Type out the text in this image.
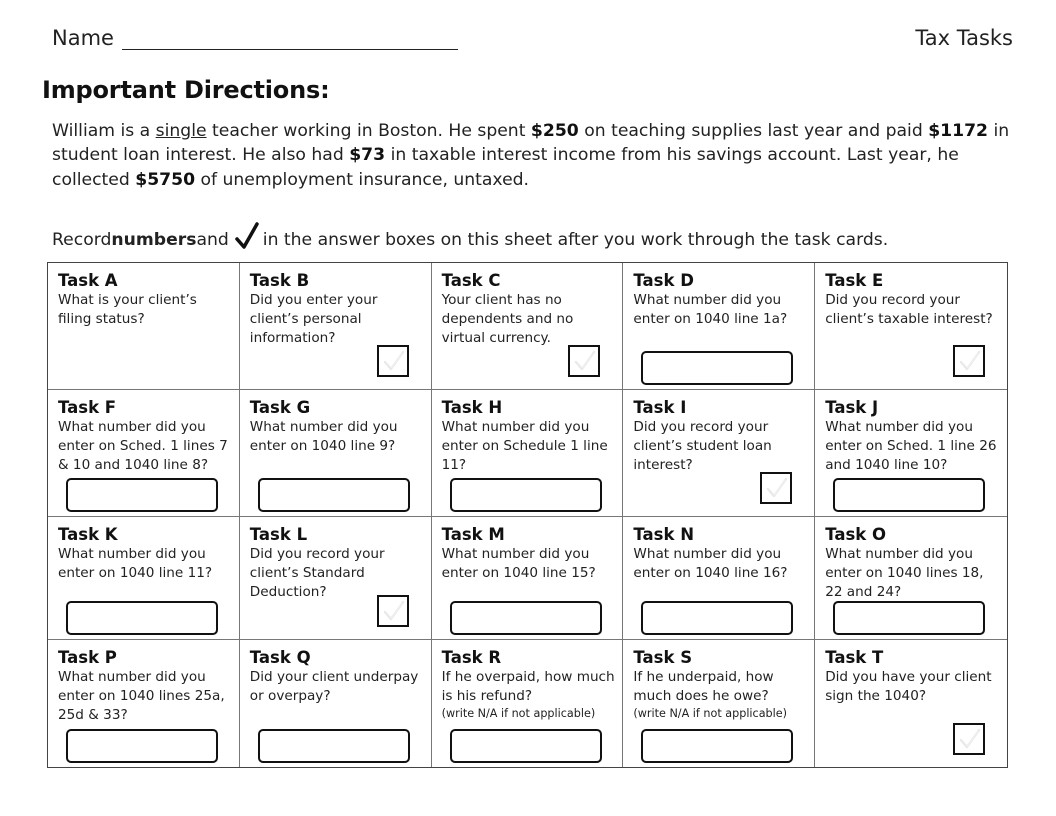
Name	Tax Tasks
Important Directions:
William is a single teacher working in Boston. He spent $250 on teaching supplies last year and paid $1172 in student loan interest. He also had $73 in taxable interest income from his savings account. Last year, he collected $5750 of unemployment insurance, untaxed.
Record numbers and in the answer boxes on this sheet after you work through the task cards.
Task A
What is your client’s filing status?
Task B
Did you enter your client’s personal information?
Task C
Your client has no dependents and no virtual currency.
Task D
What number did you enter on 1040 line 1a?
Task E
Did you record your client’s taxable interest?
Task F
What number did you enter on Sched. 1 lines 7 & 10 and 1040 line 8?
Task G
What number did you enter on 1040 line 9?
Task H
What number did you enter on Schedule 1 line 11?
Task I
Did you record your client’s student loan interest?
Task J
What number did you enter on Sched. 1 line 26 and 1040 line 10?
Task K
What number did you enter on 1040 line 11?
Task L
Did you record your client’s Standard Deduction?
Task M
What number did you enter on 1040 line 15?
Task N
What number did you enter on 1040 line 16?
Task O
What number did you enter on 1040 lines 18, 22 and 24?
Task P
What number did you enter on 1040 lines 25a, 25d & 33?
Task Q
Did your client underpay or overpay?
Task R
If he overpaid, how much is his refund?
(write N/A if not applicable)
Task S
If he underpaid, how much does he owe?
(write N/A if not applicable)
Task T
Did you have your client sign the 1040?
